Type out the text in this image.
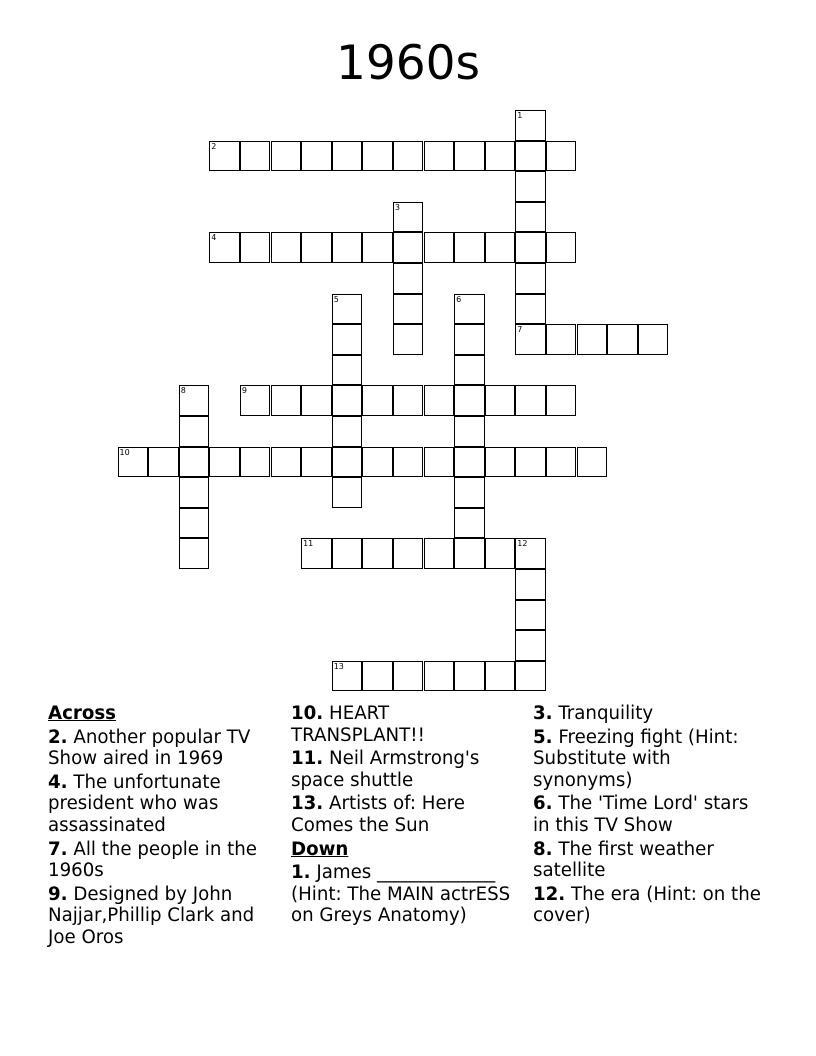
1960s
1
7
2
3
4
5	6
8	9
10
11	12
13
Across
2. Another popular TV Show aired in 1969
4. The unfortunate president who was assassinated
7. All the people in the 1960s
9. Designed by John Najjar,Phillip Clark and Joe Oros
10. HEART TRANSPLANT!!
11. Neil Armstrong's space shuttle
13. Artists of: Here Comes the Sun
Down
1. James _____________ (Hint: The MAIN actrESS on Greys Anatomy)
3. Tranquility
5. Freezing fight (Hint: Substitute with synonyms)
6. The 'Time Lord' stars in this TV Show
8. The first weather satellite
12. The era (Hint: on the cover)
